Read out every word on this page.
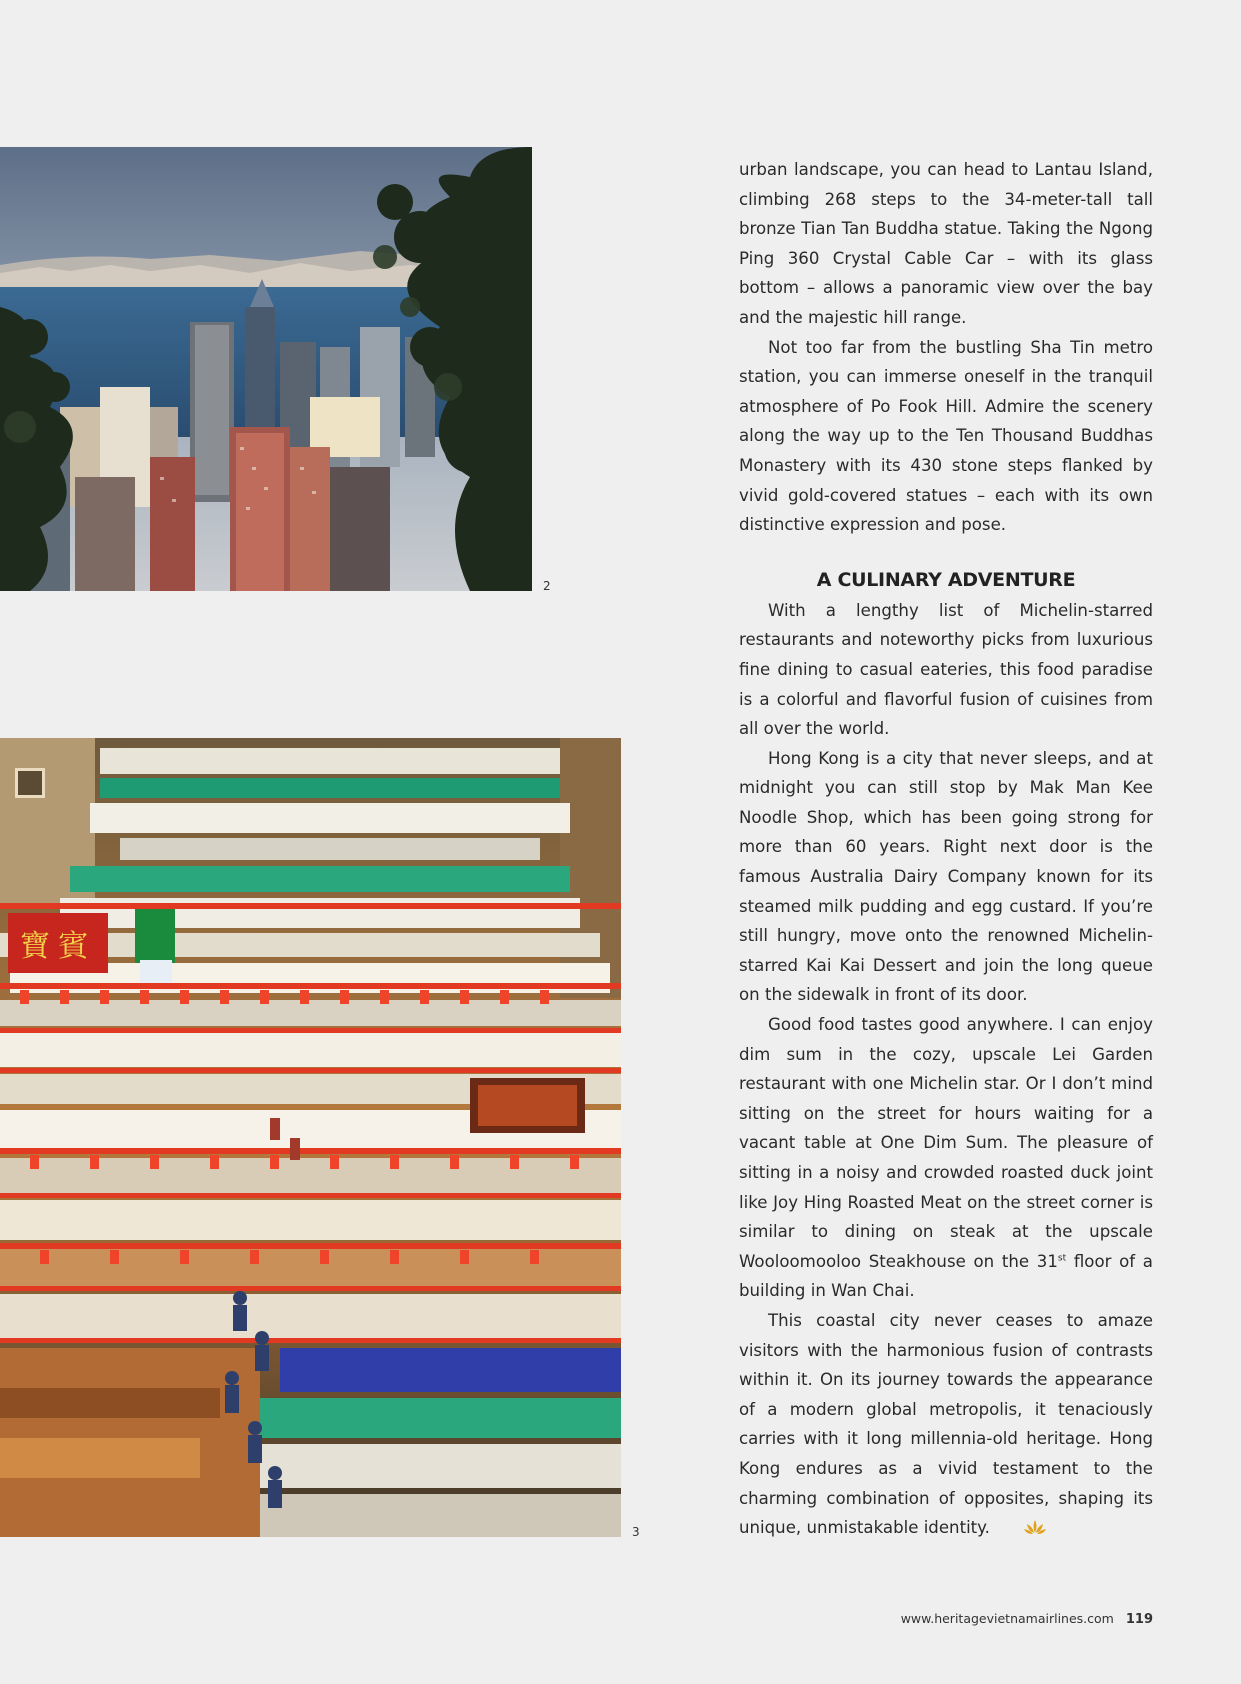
2
寶 賓
3

urban landscape, you can head to Lantau Island, climbing 268 steps to the 34-meter-tall tall bronze Tian Tan Buddha statue. Taking the Ngong Ping 360 Crystal Cable Car – with its glass bottom – allows a panoramic view over the bay and the majestic hill range.

Not too far from the bustling Sha Tin metro station, you can immerse oneself in the tranquil atmosphere of Po Fook Hill. Admire the scenery along the way up to the Ten Thousand Buddhas Monastery with its 430 stone steps flanked by vivid gold-covered statues – each with its own distinctive expression and pose.

A CULINARY ADVENTURE

With a lengthy list of Michelin-starred restaurants and noteworthy picks from luxurious fine dining to casual eateries, this food paradise is a colorful and flavorful fusion of cuisines from all over the world.

Hong Kong is a city that never sleeps, and at midnight you can still stop by Mak Man Kee Noodle Shop, which has been going strong for more than 60 years. Right next door is the famous Australia Dairy Company known for its steamed milk pudding and egg custard. If you’re still hungry, move onto the renowned Michelin-starred Kai Kai Dessert and join the long queue on the sidewalk in front of its door.

Good food tastes good anywhere. I can enjoy dim sum in the cozy, upscale Lei Garden restaurant with one Michelin star. Or I don’t mind sitting on the street for hours waiting for a vacant table at One Dim Sum. The pleasure of sitting in a noisy and crowded roasted duck joint like Joy Hing Roasted Meat on the street corner is similar to dining on steak at the upscale Wooloomooloo Steakhouse on the 31st floor of a building in Wan Chai.

This coastal city never ceases to amaze visitors with the harmonious fusion of contrasts within it. On its journey towards the appearance of a modern global metropolis, it tenaciously carries with it long millennia-old heritage. Hong Kong endures as a vivid testament to the charming combination of opposites, shaping its unique, unmistakable identity.

www.heritagevietnamairlines.com 119
